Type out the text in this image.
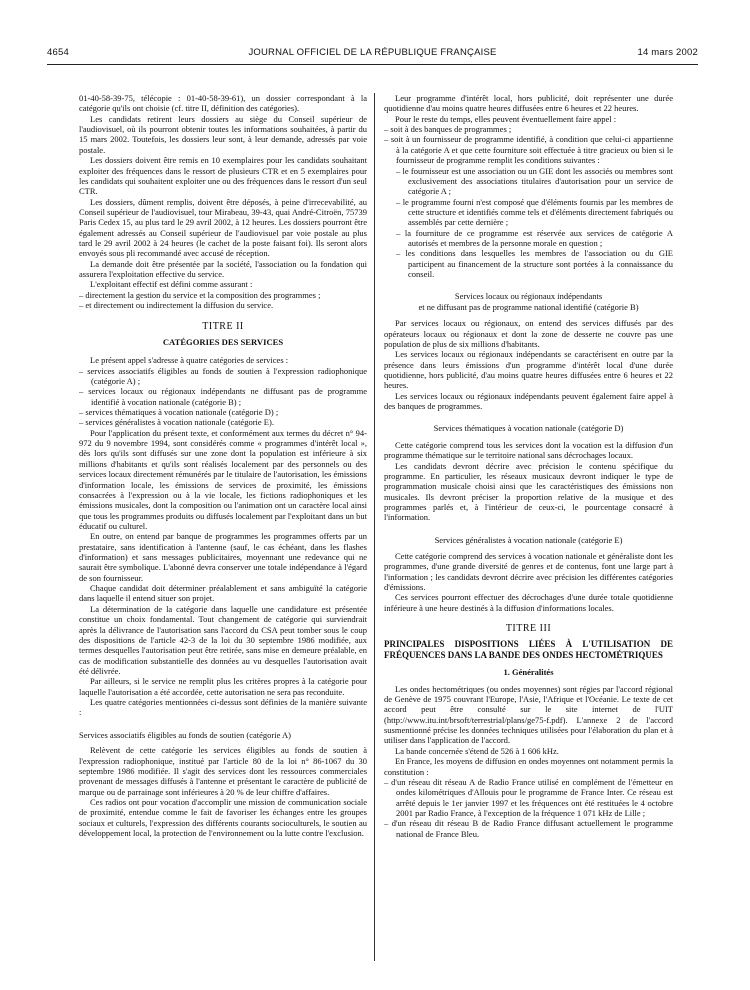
4654	JOURNAL OFFICIEL DE LA RÉPUBLIQUE FRANÇAISE	14 mars 2002

01-40-58-39-75, télécopie : 01-40-58-39-61), un dossier correspondant à la catégorie qu'ils ont choisie (cf. titre II, définition des catégories).

Les candidats retirent leurs dossiers au siège du Conseil supérieur de l'audiovisuel, où ils pourront obtenir toutes les informations souhaitées, à partir du 15 mars 2002. Toutefois, les dossiers leur sont, à leur demande, adressés par voie postale.

Les dossiers doivent être remis en 10 exemplaires pour les candidats souhaitant exploiter des fréquences dans le ressort de plusieurs CTR et en 5 exemplaires pour les candidats qui souhaitent exploiter une ou des fréquences dans le ressort d'un seul CTR.

Les dossiers, dûment remplis, doivent être déposés, à peine d'irrecevabilité, au Conseil supérieur de l'audiovisuel, tour Mirabeau, 39-43, quai André-Citroën, 75739 Paris Cedex 15, au plus tard le 29 avril 2002, à 12 heures. Les dossiers pourront être également adressés au Conseil supérieur de l'audiovisuel par voie postale au plus tard le 29 avril 2002 à 24 heures (le cachet de la poste faisant foi). Ils seront alors envoyés sous pli recommandé avec accusé de réception.

La demande doit être présentée par la société, l'association ou la fondation qui assurera l'exploitation effective du service.

L'exploitant effectif est défini comme assurant :

– directement la gestion du service et la composition des programmes ;

– et directement ou indirectement la diffusion du service.

TITRE II
CATÉGORIES DES SERVICES

Le présent appel s'adresse à quatre catégories de services :

– services associatifs éligibles au fonds de soutien à l'expression radiophonique (catégorie A) ;

– services locaux ou régionaux indépendants ne diffusant pas de programme identifié à vocation nationale (catégorie B) ;

– services thématiques à vocation nationale (catégorie D) ;

– services généralistes à vocation nationale (catégorie E).

Pour l'application du présent texte, et conformément aux termes du décret n° 94-972 du 9 novembre 1994, sont considérés comme « programmes d'intérêt local », dès lors qu'ils sont diffusés sur une zone dont la population est inférieure à six millions d'habitants et qu'ils sont réalisés localement par des personnels ou des services locaux directement rémunérés par le titulaire de l'autorisation, les émissions d'information locale, les émissions de services de proximité, les émissions consacrées à l'expression ou à la vie locale, les fictions radiophoniques et les émissions musicales, dont la composition ou l'animation ont un caractère local ainsi que tous les programmes produits ou diffusés localement par l'exploitant dans un but éducatif ou culturel.

En outre, on entend par banque de programmes les programmes offerts par un prestataire, sans identification à l'antenne (sauf, le cas échéant, dans les flashes d'information) et sans messages publicitaires, moyennant une redevance qui ne saurait être symbolique. L'abonné devra conserver une totale indépendance à l'égard de son fournisseur.

Chaque candidat doit déterminer préalablement et sans ambiguïté la catégorie dans laquelle il entend situer son projet.

La détermination de la catégorie dans laquelle une candidature est présentée constitue un choix fondamental. Tout changement de catégorie qui surviendrait après la délivrance de l'autorisation sans l'accord du CSA peut tomber sous le coup des dispositions de l'article 42-3 de la loi du 30 septembre 1986 modifiée, aux termes desquelles l'autorisation peut être retirée, sans mise en demeure préalable, en cas de modification substantielle des données au vu desquelles l'autorisation avait été délivrée.

Par ailleurs, si le service ne remplit plus les critères propres à la catégorie pour laquelle l'autorisation a été accordée, cette autorisation ne sera pas reconduite.

Les quatre catégories mentionnées ci-dessus sont définies de la manière suivante :

Services associatifs éligibles au fonds de soutien (catégorie A)

Relèvent de cette catégorie les services éligibles au fonds de soutien à l'expression radiophonique, institué par l'article 80 de la loi n° 86-1067 du 30 septembre 1986 modifiée. Il s'agit des services dont les ressources commerciales provenant de messages diffusés à l'antenne et présentant le caractère de publicité de marque ou de parrainage sont inférieures à 20 % de leur chiffre d'affaires.

Ces radios ont pour vocation d'accomplir une mission de communication sociale de proximité, entendue comme le fait de favoriser les échanges entre les groupes sociaux et culturels, l'expression des différents courants socioculturels, le soutien au développement local, la protection de l'environnement ou la lutte contre l'exclusion.

Leur programme d'intérêt local, hors publicité, doit représenter une durée quotidienne d'au moins quatre heures diffusées entre 6 heures et 22 heures.

Pour le reste du temps, elles peuvent éventuellement faire appel :

– soit à des banques de programmes ;

– soit à un fournisseur de programme identifié, à condition que celui-ci appartienne à la catégorie A et que cette fourniture soit effectuée à titre gracieux ou bien si le fournisseur de programme remplit les conditions suivantes :

– le fournisseur est une association ou un GIE dont les associés ou membres sont exclusivement des associations titulaires d'autorisation pour un service de catégorie A ;

– le programme fourni n'est composé que d'éléments fournis par les membres de cette structure et identifiés comme tels et d'éléments directement fabriqués ou assemblés par cette dernière ;

– la fourniture de ce programme est réservée aux services de catégorie A autorisés et membres de la personne morale en question ;

– les conditions dans lesquelles les membres de l'association ou du GIE participent au financement de la structure sont portées à la connaissance du conseil.

Services locaux ou régionaux indépendants
et ne diffusant pas de programme national identifié (catégorie B)

Par services locaux ou régionaux, on entend des services diffusés par des opérateurs locaux ou régionaux et dont la zone de desserte ne couvre pas une population de plus de six millions d'habitants.

Les services locaux ou régionaux indépendants se caractérisent en outre par la présence dans leurs émissions d'un programme d'intérêt local d'une durée quotidienne, hors publicité, d'au moins quatre heures diffusées entre 6 heures et 22 heures.

Les services locaux ou régionaux indépendants peuvent également faire appel à des banques de programmes.

Services thématiques à vocation nationale (catégorie D)

Cette catégorie comprend tous les services dont la vocation est la diffusion d'un programme thématique sur le territoire national sans décrochages locaux.

Les candidats devront décrire avec précision le contenu spécifique du programme. En particulier, les réseaux musicaux devront indiquer le type de programmation musicale choisi ainsi que les caractéristiques des émissions non musicales. Ils devront préciser la proportion relative de la musique et des programmes parlés et, à l'intérieur de ceux-ci, le pourcentage consacré à l'information.

Services généralistes à vocation nationale (catégorie E)

Cette catégorie comprend des services à vocation nationale et généraliste dont les programmes, d'une grande diversité de genres et de contenus, font une large part à l'information ; les candidats devront décrire avec précision les différentes catégories d'émissions.

Ces services pourront effectuer des décrochages d'une durée totale quotidienne inférieure à une heure destinés à la diffusion d'informations locales.

TITRE III

PRINCIPALES DISPOSITIONS LIÉES À L'UTILISATION DE FRÉQUENCES DANS LA BANDE DES ONDES HECTOMÉTRIQUES

1. Généralités

Les ondes hectométriques (ou ondes moyennes) sont régies par l'accord régional de Genève de 1975 couvrant l'Europe, l'Asie, l'Afrique et l'Océanie. Le texte de cet accord peut être consulté sur le site internet de l'UIT (http://www.itu.int/brsoft/terrestrial/plans/ge75-f.pdf). L'annexe 2 de l'accord susmentionné précise les données techniques utilisées pour l'élaboration du plan et à utiliser dans l'application de l'accord.

La bande concernée s'étend de 526 à 1 606 kHz.

En France, les moyens de diffusion en ondes moyennes ont notamment permis la constitution :

– d'un réseau dit réseau A de Radio France utilisé en complément de l'émetteur en ondes kilométriques d'Allouis pour le programme de France Inter. Ce réseau est arrêté depuis le 1er janvier 1997 et les fréquences ont été restituées le 4 octobre 2001 par Radio France, à l'exception de la fréquence 1 071 kHz de Lille ;

– d'un réseau dit réseau B de Radio France diffusant actuellement le programme national de France Bleu.
